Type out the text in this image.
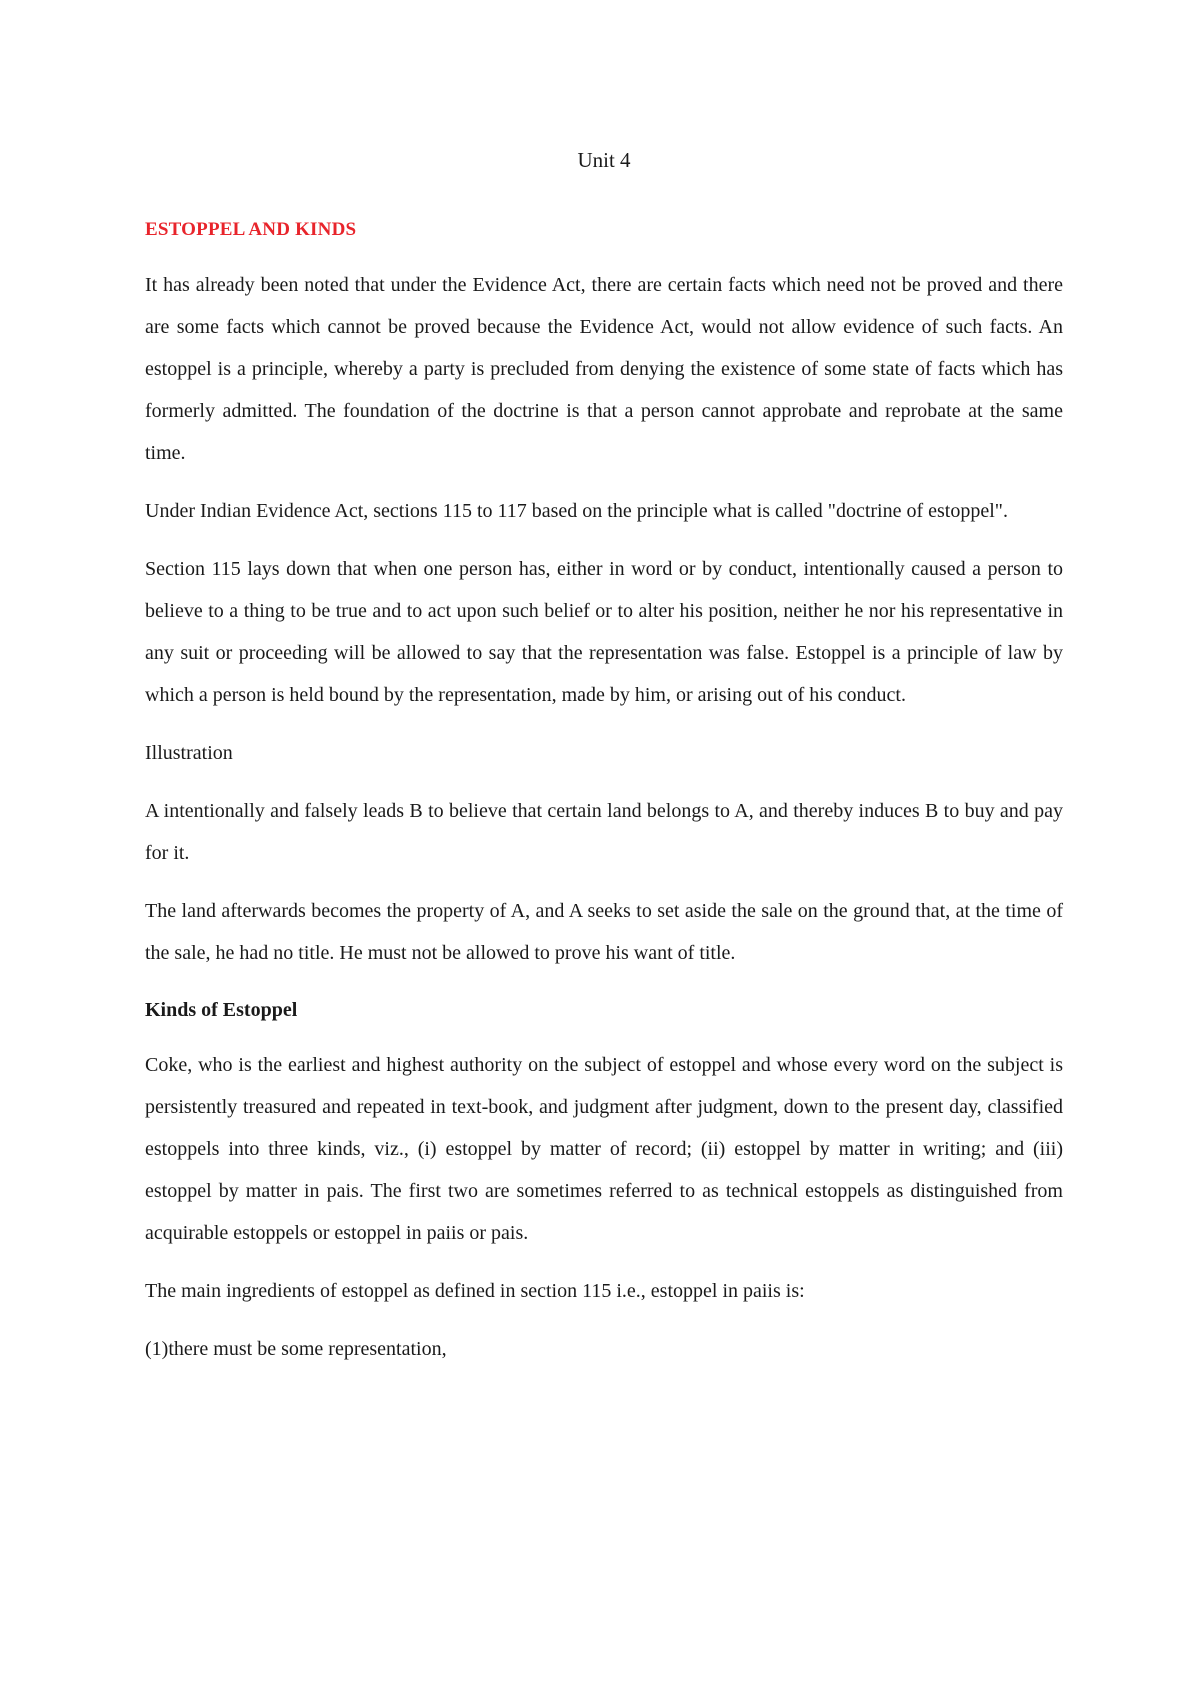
Unit 4
ESTOPPEL AND KINDS

It has already been noted that under the Evidence Act, there are certain facts which need not be proved and there are some facts which cannot be proved because the Evidence Act, would not allow evidence of such facts. An estoppel is a principle, whereby a party is precluded from denying the existence of some state of facts which has formerly admitted. The foundation of the doctrine is that a person cannot approbate and reprobate at the same time.

Under Indian Evidence Act, sections 115 to 117 based on the principle what is called "doctrine of estoppel".

Section 115 lays down that when one person has, either in word or by conduct, intentionally caused a person to believe to a thing to be true and to act upon such belief or to alter his position, neither he nor his representative in any suit or proceeding will be allowed to say that the representation was false. Estoppel is a principle of law by which a person is held bound by the representation, made by him, or arising out of his conduct.

Illustration

A intentionally and falsely leads B to believe that certain land belongs to A, and thereby induces B to buy and pay for it.

The land afterwards becomes the property of A, and A seeks to set aside the sale on the ground that, at the time of the sale, he had no title. He must not be allowed to prove his want of title.

Kinds of Estoppel

Coke, who is the earliest and highest authority on the subject of estoppel and whose every word on the subject is persistently treasured and repeated in text-book, and judgment after judgment, down to the present day, classified estoppels into three kinds, viz., (i) estoppel by matter of record; (ii) estoppel by matter in writing; and (iii) estoppel by matter in pais. The first two are sometimes referred to as technical estoppels as distinguished from acquirable estoppels or estoppel in paiis or pais.

The main ingredients of estoppel as defined in section 115 i.e., estoppel in paiis is:

(1)there must be some representation,
